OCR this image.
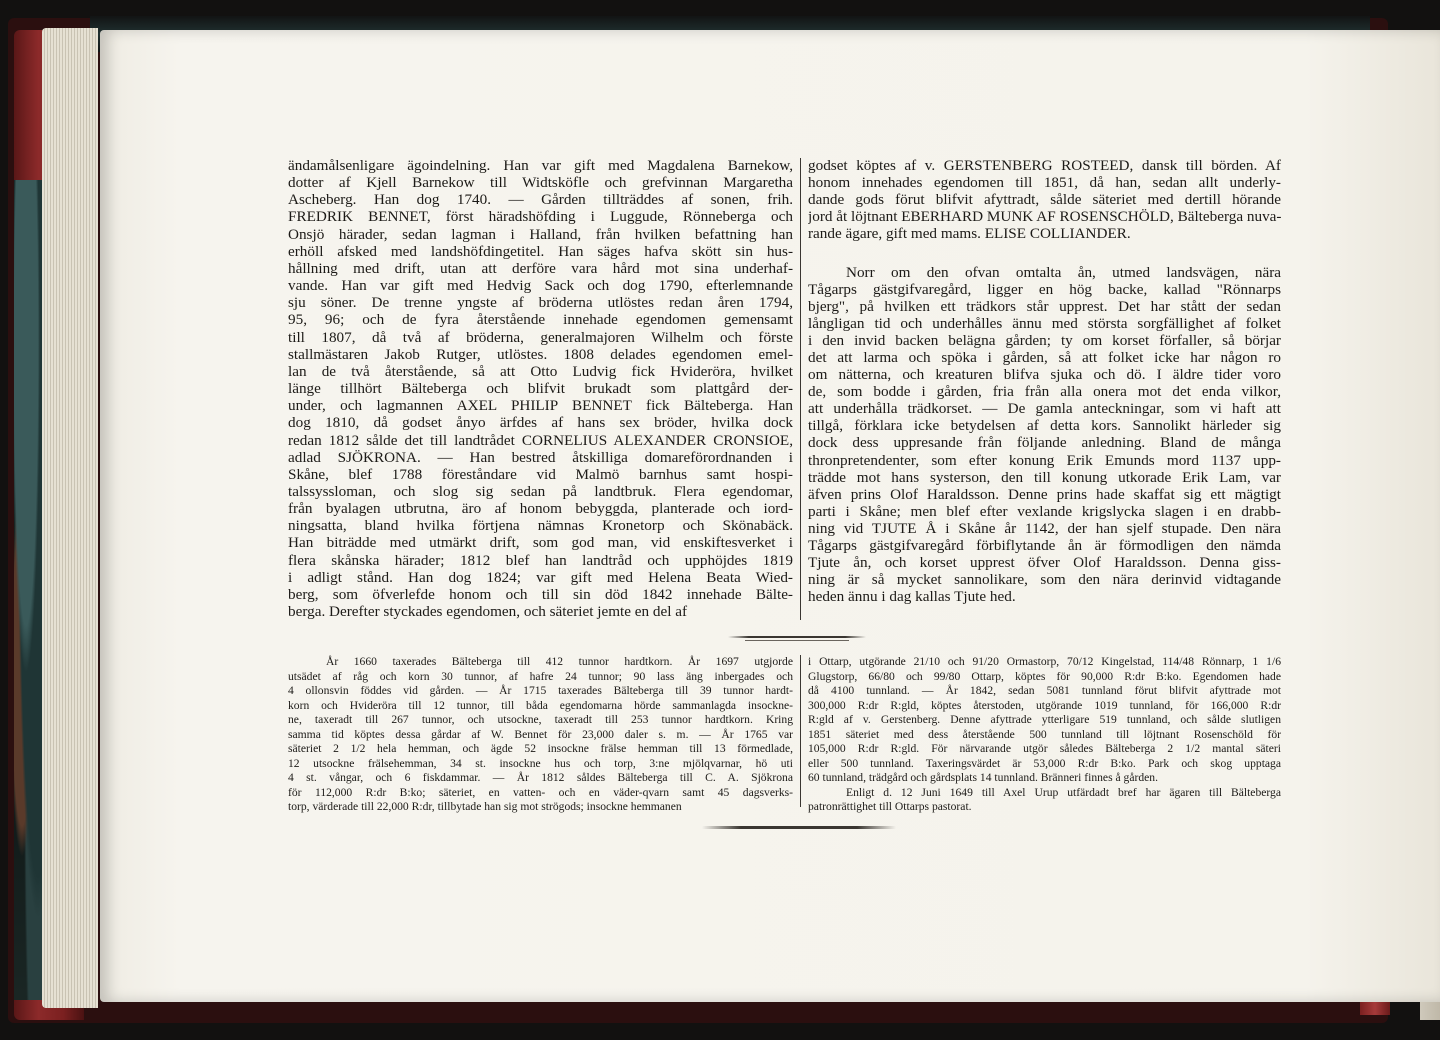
ändamålsenligare ägoindelning. Han var gift med Magdalena Barnekow,
dotter af Kjell Barnekow till Widtsköfle och grefvinnan Margaretha
Ascheberg. Han dog 1740. — Gården tillträddes af sonen, frih.
FREDRIK BENNET, först häradshöfding i Luggude, Rönneberga och
Onsjö härader, sedan lagman i Halland, från hvilken befattning han
erhöll afsked med landshöfdingetitel. Han säges hafva skött sin hus-
hållning med drift, utan att derföre vara hård mot sina underhaf-
vande. Han var gift med Hedvig Sack och dog 1790, efterlemnande
sju söner. De trenne yngste af bröderna utlöstes redan åren 1794,
95, 96; och de fyra återstående innehade egendomen gemensamt
till 1807, då två af bröderna, generalmajoren Wilhelm och förste
stallmästaren Jakob Rutger, utlöstes. 1808 delades egendomen emel-
lan de två återstående, så att Otto Ludvig fick Hvideröra, hvilket
länge tillhört Bälteberga och blifvit brukadt som plattgård der-
under, och lagmannen AXEL PHILIP BENNET fick Bälteberga. Han
dog 1810, då godset ånyo ärfdes af hans sex bröder, hvilka dock
redan 1812 sålde det till landtrådet CORNELIUS ALEXANDER CRONSIOE,
adlad SJÖKRONA. — Han bestred åtskilliga domareförordnanden i
Skåne, blef 1788 föreståndare vid Malmö barnhus samt hospi-
talssyssloman, och slog sig sedan på landtbruk. Flera egendomar,
från byalagen utbrutna, äro af honom bebyggda, planterade och iord-
ningsatta, bland hvilka förtjena nämnas Kronetorp och Skönabäck.
Han biträdde med utmärkt drift, som god man, vid enskiftesverket i
flera skånska härader; 1812 blef han landtråd och upphöjdes 1819
i adligt stånd. Han dog 1824; var gift med Helena Beata Wied-
berg, som öfverlefde honom och till sin död 1842 innehade Bälte-
berga. Derefter styckades egendomen, och säteriet jemte en del af
godset köptes af v. GERSTENBERG ROSTEED, dansk till börden. Af
honom innehades egendomen till 1851, då han, sedan allt underly-
dande gods förut blifvit afyttradt, sålde säteriet med dertill hörande
jord åt löjtnant EBERHARD MUNK AF ROSENSCHÖLD, Bälteberga nuva-
rande ägare, gift med mams. ELISE COLLIANDER.
Norr om den ofvan omtalta ån, utmed landsvägen, nära
Tågarps gästgifvaregård, ligger en hög backe, kallad "Rönnarps
bjerg", på hvilken ett trädkors står upprest. Det har stått der sedan
långligan tid och underhålles ännu med största sorgfällighet af folket
i den invid backen belägna gården; ty om korset förfaller, så börjar
det att larma och spöka i gården, så att folket icke har någon ro
om nätterna, och kreaturen blifva sjuka och dö. I äldre tider voro
de, som bodde i gården, fria från alla onera mot det enda vilkor,
att underhålla trädkorset. — De gamla anteckningar, som vi haft att
tillgå, förklara icke betydelsen af detta kors. Sannolikt härleder sig
dock dess uppresande från följande anledning. Bland de många
thronpretendenter, som efter konung Erik Emunds mord 1137 upp-
trädde mot hans systerson, den till konung utkorade Erik Lam, var
äfven prins Olof Haraldsson. Denne prins hade skaffat sig ett mägtigt
parti i Skåne; men blef efter vexlande krigslycka slagen i en drabb-
ning vid TJUTE Å i Skåne år 1142, der han sjelf stupade. Den nära
Tågarps gästgifvaregård förbiflytande ån är förmodligen den nämda
Tjute ån, och korset upprest öfver Olof Haraldsson. Denna giss-
ning är så mycket sannolikare, som den nära derinvid vidtagande
heden ännu i dag kallas Tjute hed.
År 1660 taxerades Bälteberga till 412 tunnor hardtkorn. År 1697 utgjorde
utsädet af råg och korn 30 tunnor, af hafre 24 tunnor; 90 lass äng inbergades och
4 ollonsvin föddes vid gården. — År 1715 taxerades Bälteberga till 39 tunnor hardt-
korn och Hvideröra till 12 tunnor, till båda egendomarna hörde sammanlagda insockne-
ne, taxeradt till 267 tunnor, och utsockne, taxeradt till 253 tunnor hardtkorn. Kring
samma tid köptes dessa gårdar af W. Bennet för 23,000 daler s. m. — År 1765 var
säteriet 2 1/2 hela hemman, och ägde 52 insockne frälse hemman till 13 förmedlade,
12 utsockne frälsehemman, 34 st. insockne hus och torp, 3:ne mjölqvarnar, hö uti
4 st. vångar, och 6 fiskdammar. — År 1812 såldes Bälteberga till C. A. Sjökrona
för 112,000 R:dr B:ko; säteriet, en vatten- och en väder-qvarn samt 45 dagsverks-
torp, värderade till 22,000 R:dr, tillbytade han sig mot strögods; insockne hemmanen
i Ottarp, utgörande 21/10 och 91/20 Ormastorp, 70/12 Kingelstad, 114/48 Rönnarp, 1 1/6
Glugstorp, 66/80 och 99/80 Ottarp, köptes för 90,000 R:dr B:ko. Egendomen hade
då 4100 tunnland. — År 1842, sedan 5081 tunnland förut blifvit afyttrade mot
300,000 R:dr R:gld, köptes återstoden, utgörande 1019 tunnland, för 166,000 R:dr
R:gld af v. Gerstenberg. Denne afyttrade ytterligare 519 tunnland, och sålde slutligen
1851 säteriet med dess återstående 500 tunnland till löjtnant Rosenschöld för
105,000 R:dr R:gld. För närvarande utgör således Bälteberga 2 1/2 mantal säteri
eller 500 tunnland. Taxeringsvärdet är 53,000 R:dr B:ko. Park och skog upptaga
60 tunnland, trädgård och gårdsplats 14 tunnland. Bränneri finnes å gården.
Enligt d. 12 Juni 1649 till Axel Urup utfärdadt bref har ägaren till Bälteberga
patronrättighet till Ottarps pastorat.
